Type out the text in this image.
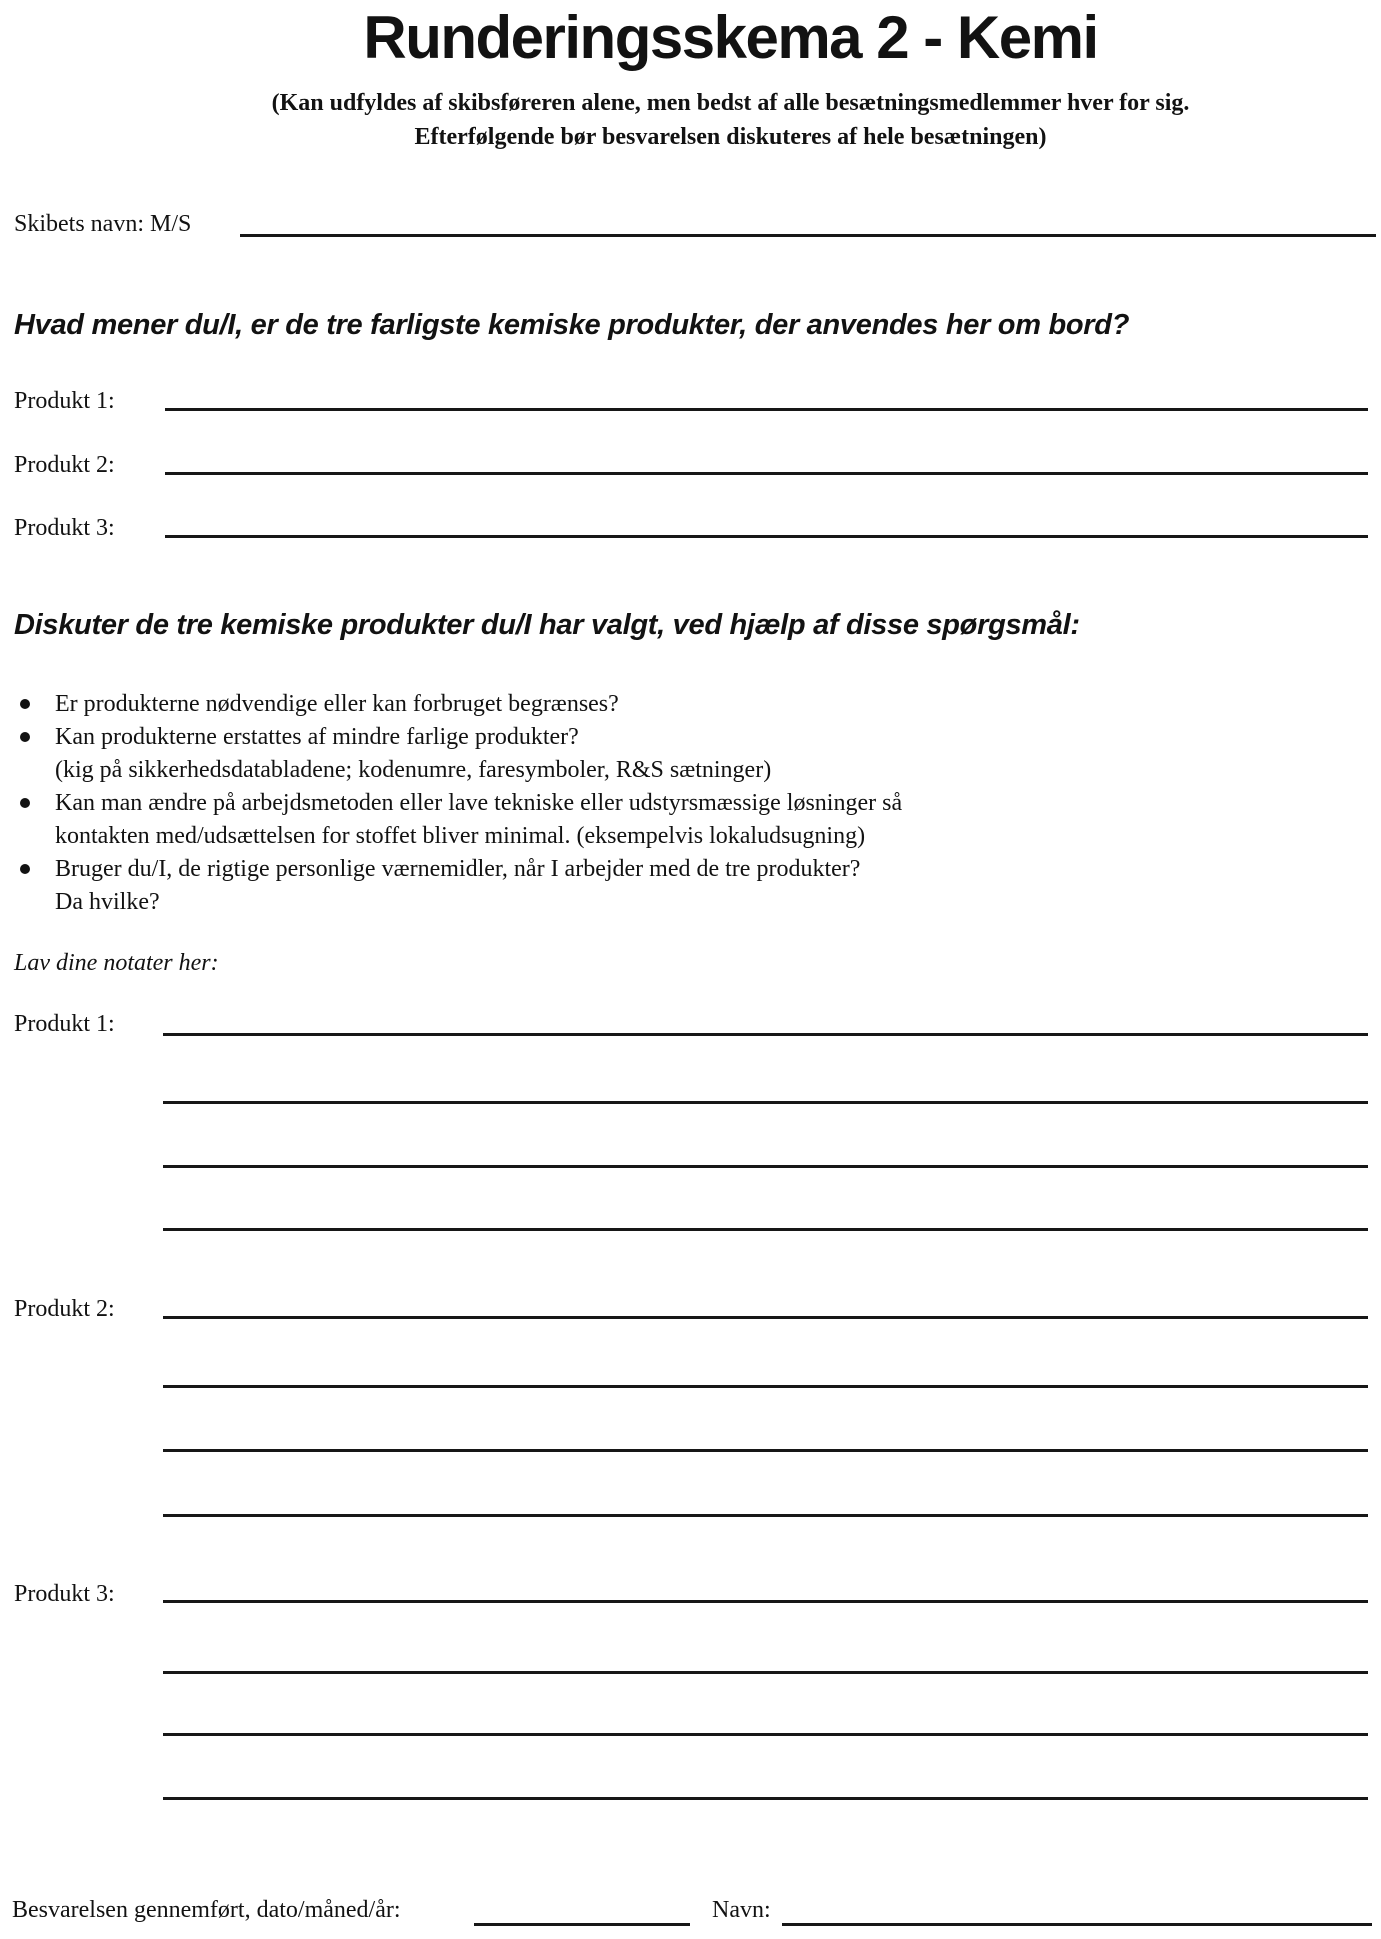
Runderingsskema 2 - Kemi
(Kan udfyldes af skibsføreren alene, men bedst af alle besætningsmedlemmer hver for sig.
Efterfølgende bør besvarelsen diskuteres af hele besætningen)
Skibets navn: M/S
Hvad mener du/I, er de tre farligste kemiske produkter, der anvendes her om bord?
Produkt 1:
Produkt 2:
Produkt 3:
Diskuter de tre kemiske produkter du/I har valgt, ved hjælp af disse spørgsmål:
Er produkterne nødvendige eller kan forbruget begrænses?
Kan produkterne erstattes af mindre farlige produkter?
(kig på sikkerhedsdatabladene; kodenumre, faresymboler, R&S sætninger)
Kan man ændre på arbejdsmetoden eller lave tekniske eller udstyrsmæssige løsninger så
kontakten med/udsættelsen for stoffet bliver minimal. (eksempelvis lokaludsugning)
Bruger du/I, de rigtige personlige værnemidler, når I arbejder med de tre produkter?
Da hvilke?
Lav dine notater her:
Produkt 1:
Produkt 2:
Produkt 3:
Besvarelsen gennemført, dato/måned/år:	Navn:
